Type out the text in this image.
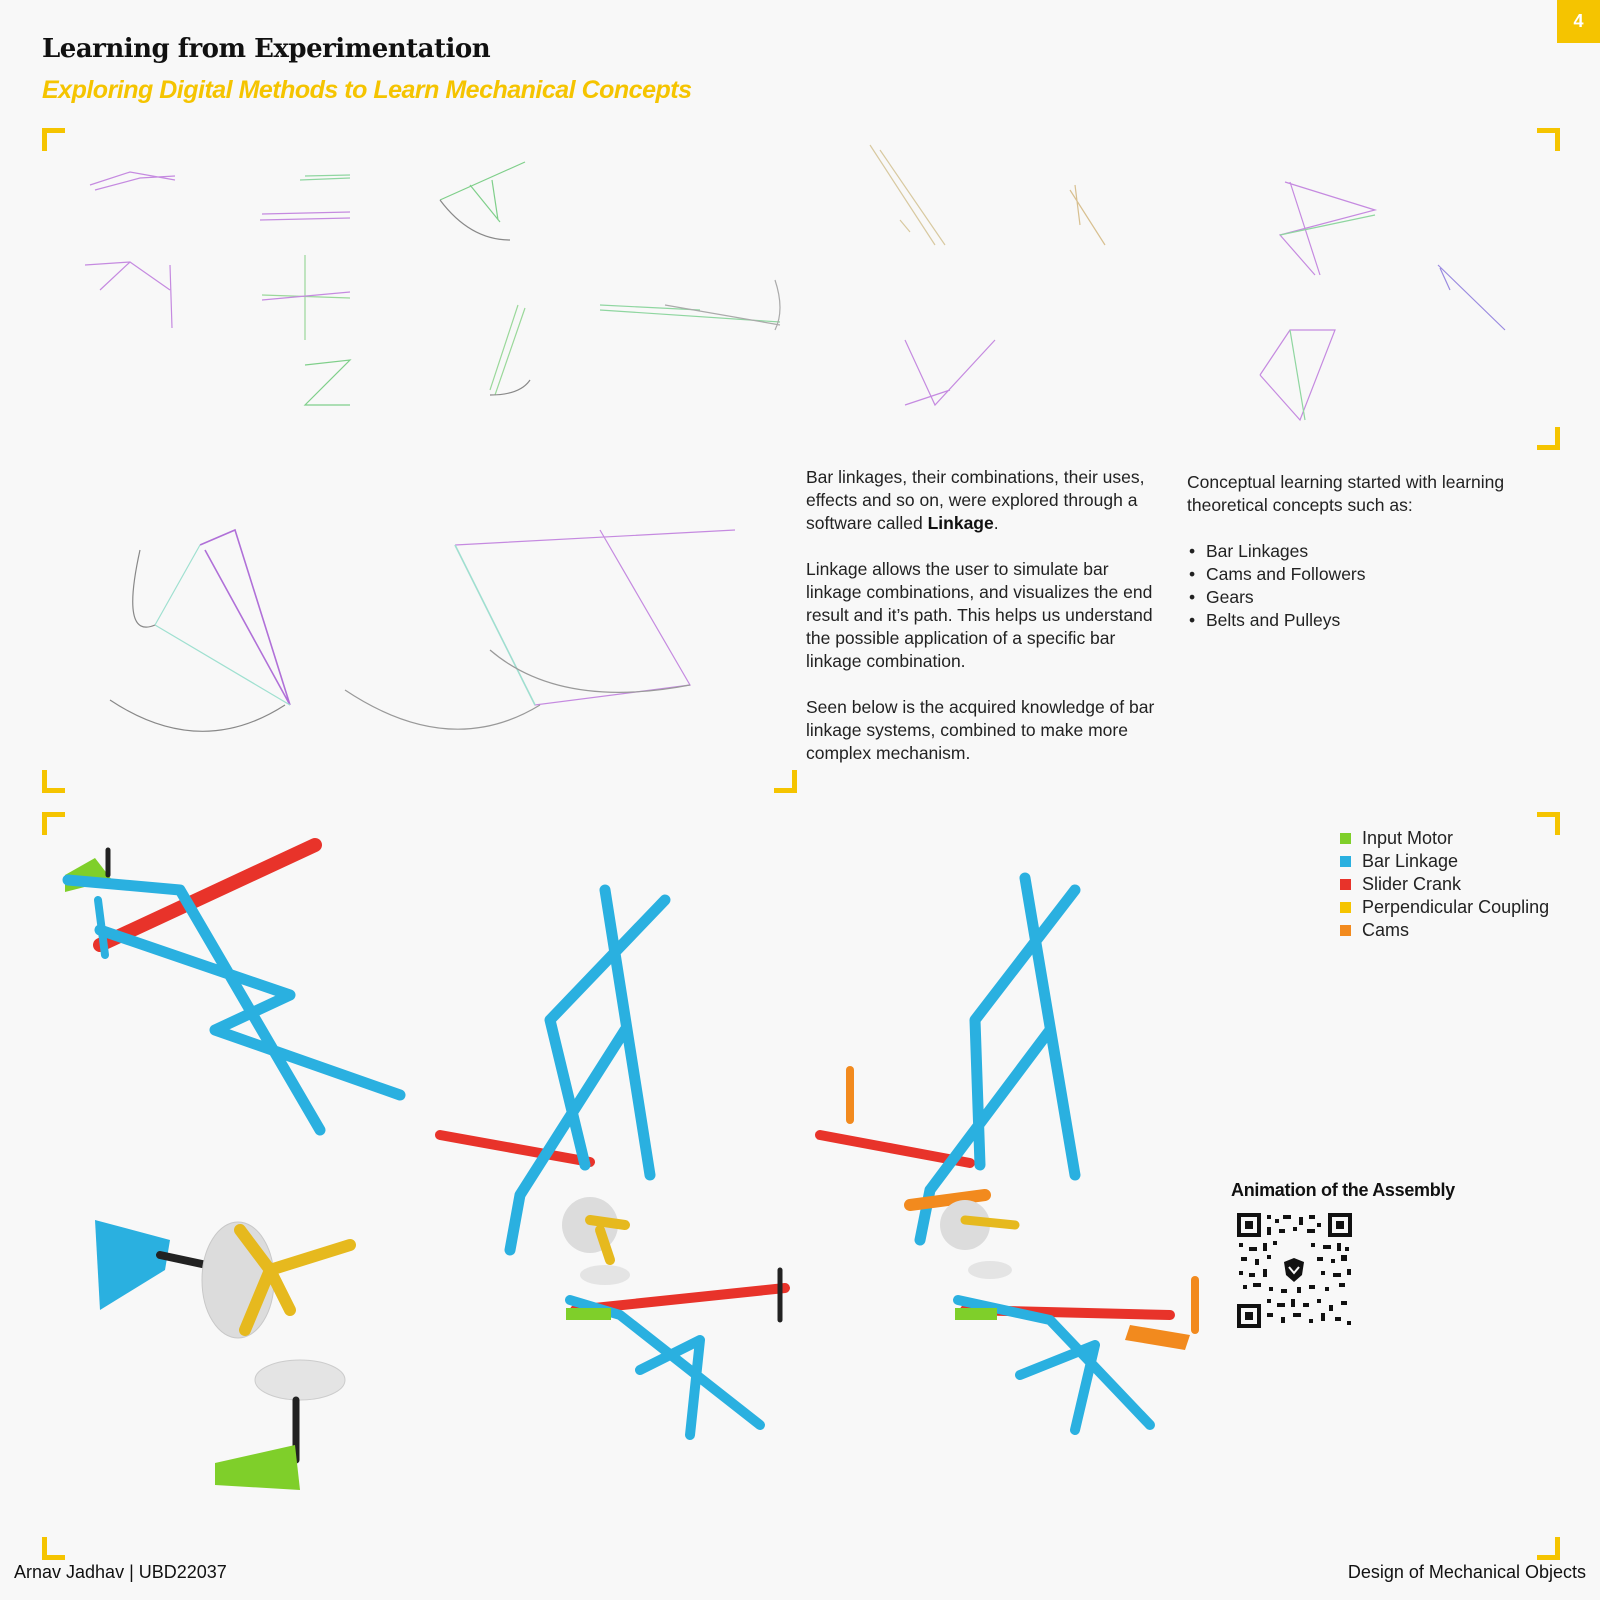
4
Learning from Experimentation
Exploring Digital Methods to Learn Mechanical Concepts

Bar linkages, their combinations, their uses, effects and so on, were explored through a software called Linkage.

Linkage allows the user to simulate bar linkage combinations, and visualizes the end result and it’s path. This helps us understand the possible application of a specific bar linkage combination.

Seen below is the acquired knowledge of bar linkage systems, combined to make more complex mechanism.

Conceptual learning started with learning theoretical concepts such as:

• Bar Linkages
• Cams and Followers
• Gears
• Belts and Pulleys
Input Motor
Bar Linkage
Slider Crank
Perpendicular Coupling
Cams
Animation of the Assembly
Arnav Jadhav | UBD22037	Design of Mechanical Objects
